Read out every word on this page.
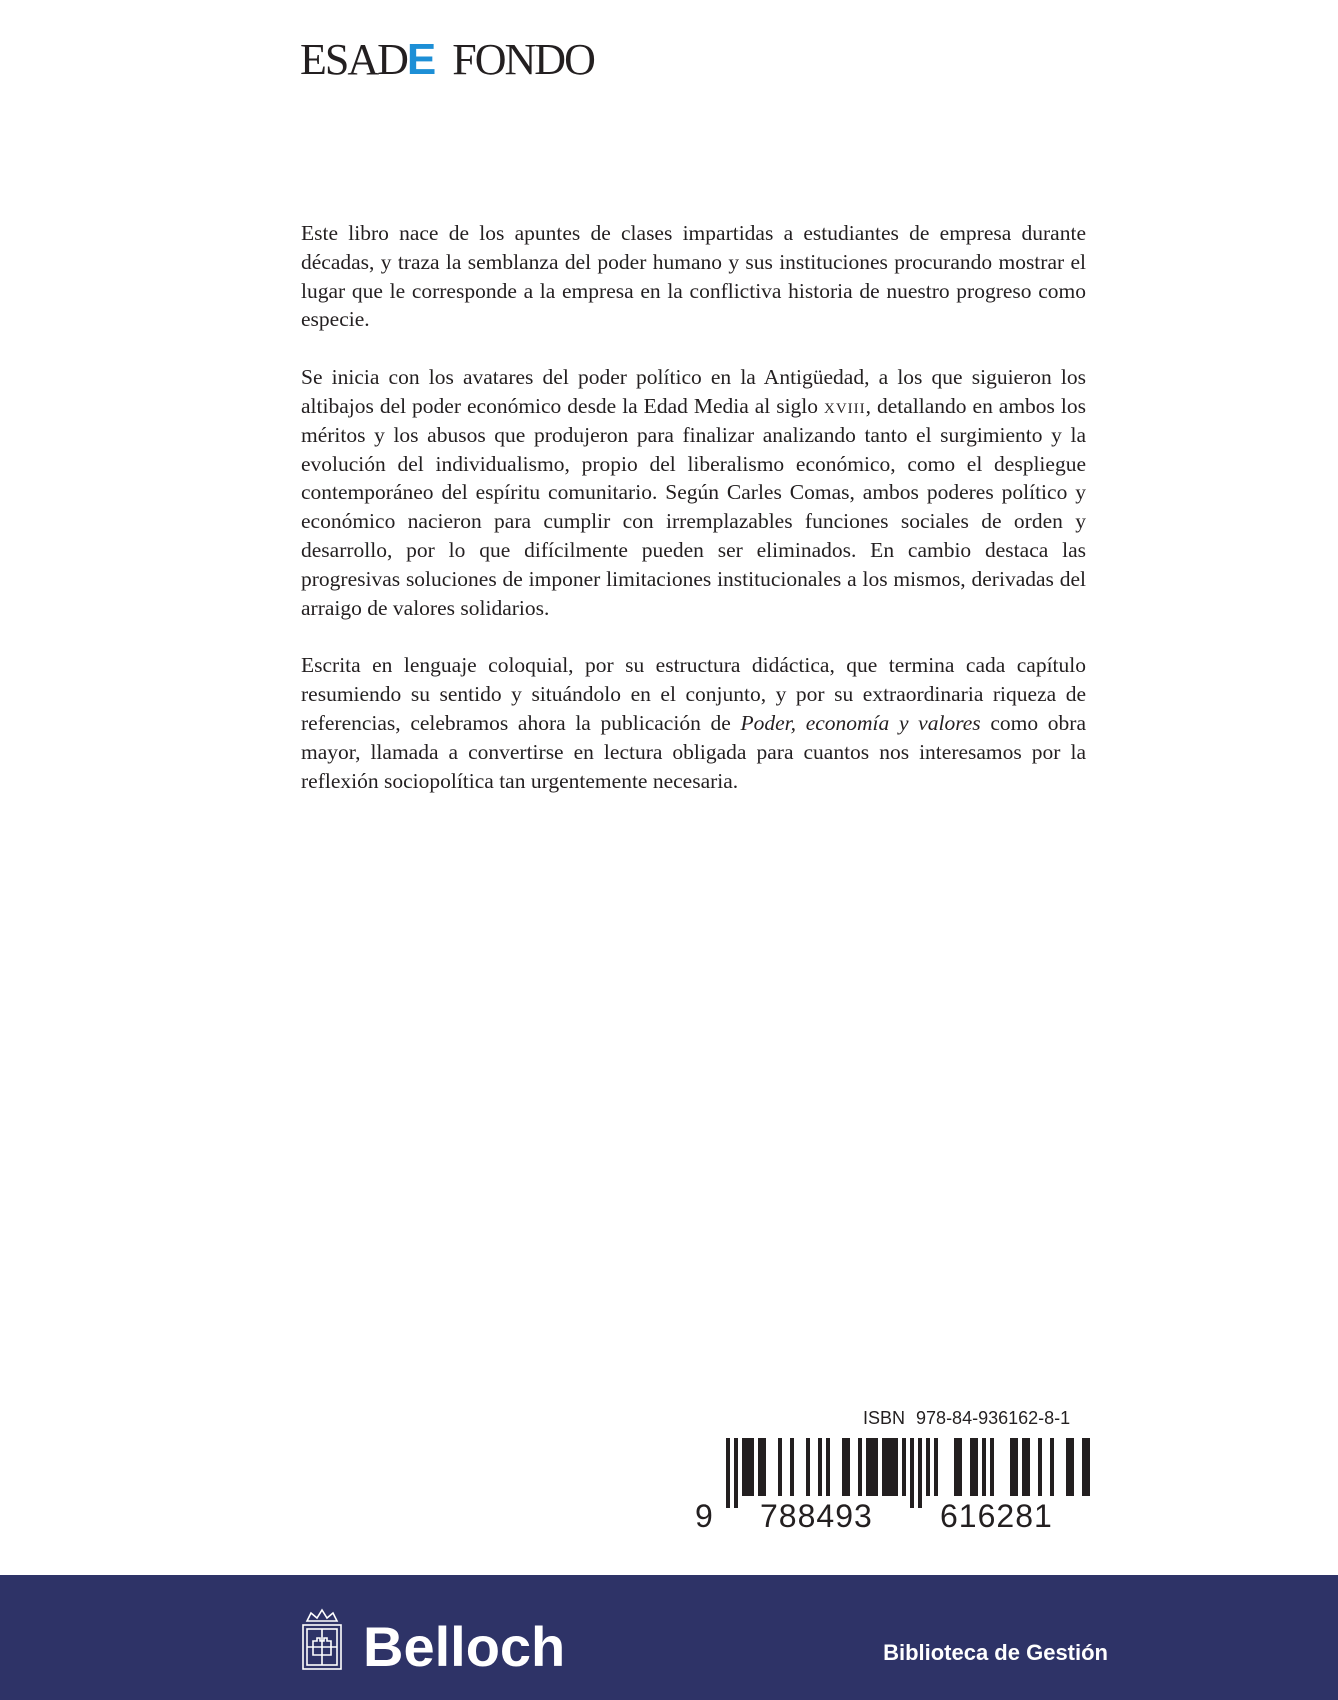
ESADE FONDO

Este libro nace de los apuntes de clases impartidas a estudiantes de empresa durante décadas, y traza la semblanza del poder humano y sus instituciones procurando mostrar el lugar que le corresponde a la empresa en la conflictiva historia de nuestro progreso como especie.

Se inicia con los avatares del poder político en la Antigüedad, a los que siguieron los altibajos del poder económico desde la Edad Media al siglo xviii, detallando en ambos los méritos y los abusos que produjeron para finalizar analizando tanto el surgimiento y la evolución del individualismo, propio del liberalismo económico, como el despliegue contemporáneo del espíritu comunitario. Según Carles Comas, ambos poderes político y económico nacieron para cumplir con irremplazables funciones sociales de orden y desarrollo, por lo que difícilmente pueden ser eliminados. En cambio destaca las progresivas soluciones de imponer limitaciones institucionales a los mismos, derivadas del arraigo de valores solidarios.

Escrita en lenguaje coloquial, por su estructura didáctica, que termina cada capítulo resumiendo su sentido y situándolo en el conjunto, y por su extraordinaria riqueza de referencias, celebramos ahora la publicación de Poder, economía y valores como obra mayor, llamada a convertirse en lectura obligada para cuantos nos interesamos por la reflexión sociopolítica tan urgentemente necesaria.

ISBN 978-84-936162-8-1
9 788493 616281
Belloch	Biblioteca de Gestión
